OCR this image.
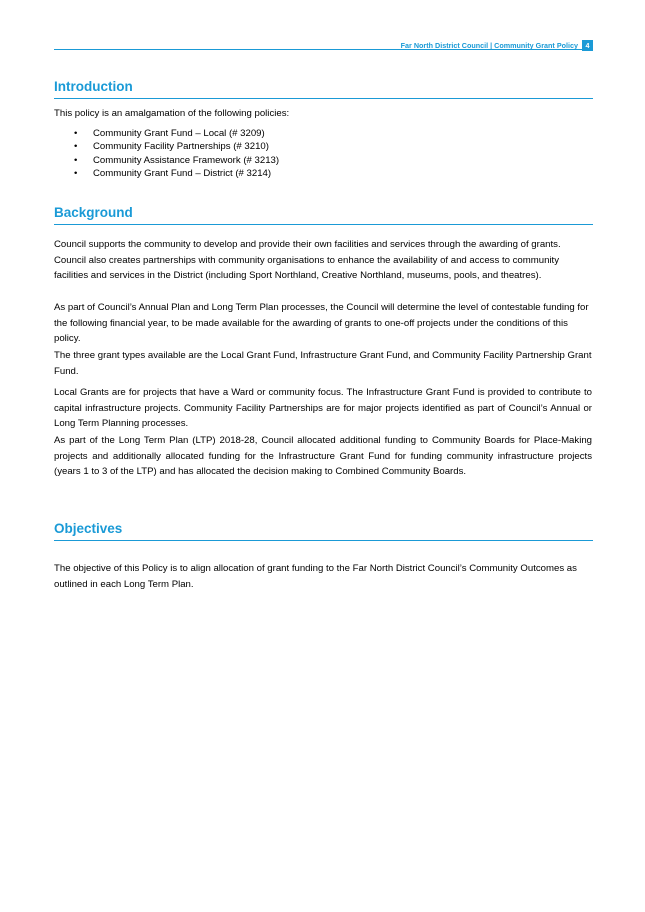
Far North District Council | Community Grant Policy 4
Introduction

This policy is an amalgamation of the following policies:

• Community Grant Fund – Local (# 3209)
• Community Facility Partnerships (# 3210)
• Community Assistance Framework (# 3213)
• Community Grant Fund – District (# 3214)
Background

Council supports the community to develop and provide their own facilities and services through the awarding of grants. Council also creates partnerships with community organisations to enhance the availability of and access to community facilities and services in the District (including Sport Northland, Creative Northland, museums, pools, and theatres).

As part of Council’s Annual Plan and Long Term Plan processes, the Council will determine the level of contestable funding for the following financial year, to be made available for the awarding of grants to one-off projects under the conditions of this policy.

The three grant types available are the Local Grant Fund, Infrastructure Grant Fund, and Community Facility Partnership Grant Fund.

Local Grants are for projects that have a Ward or community focus. The Infrastructure Grant Fund is provided to contribute to capital infrastructure projects. Community Facility Partnerships are for major projects identified as part of Council’s Annual or Long Term Planning processes.

As part of the Long Term Plan (LTP) 2018-28, Council allocated additional funding to Community Boards for Place-Making projects and additionally allocated funding for the Infrastructure Grant Fund for funding community infrastructure projects (years 1 to 3 of the LTP) and has allocated the decision making to Combined Community Boards.

Objectives

The objective of this Policy is to align allocation of grant funding to the Far North District Council’s Community Outcomes as outlined in each Long Term Plan.
